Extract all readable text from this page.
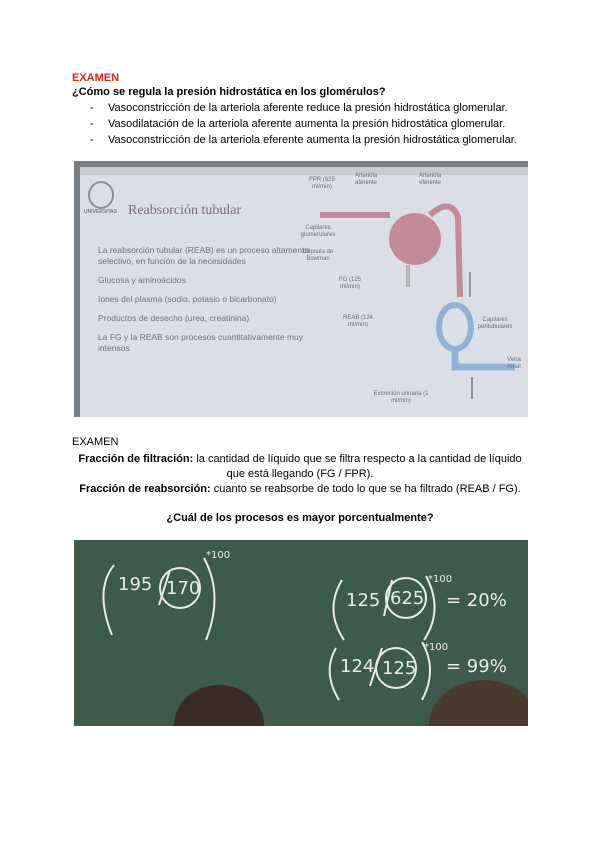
EXAMEN
¿Cómo se regula la presión hidrostática en los glomérulos?
- Vasoconstricción de la arteriola aferente reduce la presión hidrostática glomerular.
- Vasodilatación de la arteriola aferente aumenta la presión hidrostática glomerular.
- Vasoconstricción de la arteriola eferente aumenta la presión hidrostática glomerular.
UNIVERSITAS Reabsorción tubular

La reabsorción tubular (REAB) es un proceso altamente selectivo, en función de la necesidades

Glucosa y aminoácidos

Iones del plasma (sodio, potasio o bicarbonato)

Productos de desecho (urea, creatinina)

La FG y la REAB son procesos cuantitativamente muy intensos

FPR (625 ml/min)
Arteriola aferente
Arteriola eferente
Capilares glomerulares
Cápsula de Bowman
FG (125 ml/min)
REAB (124 ml/min)
Capilares peritubulares
Vena renal
Excreción urinaria (1 ml/min)
EXAMEN
Fracción de filtración: la cantidad de líquido que se filtra respecto a la cantidad de líquido que está llegando (FG / FPR).
Fracción de reabsorción: cuanto se reabsorbe de todo lo que se ha filtrado (REAB / FG).
¿Cuál de los procesos es mayor porcentualmente?
195 170
*100
125 625
*100
= 20%
124 125
*100
= 99%
